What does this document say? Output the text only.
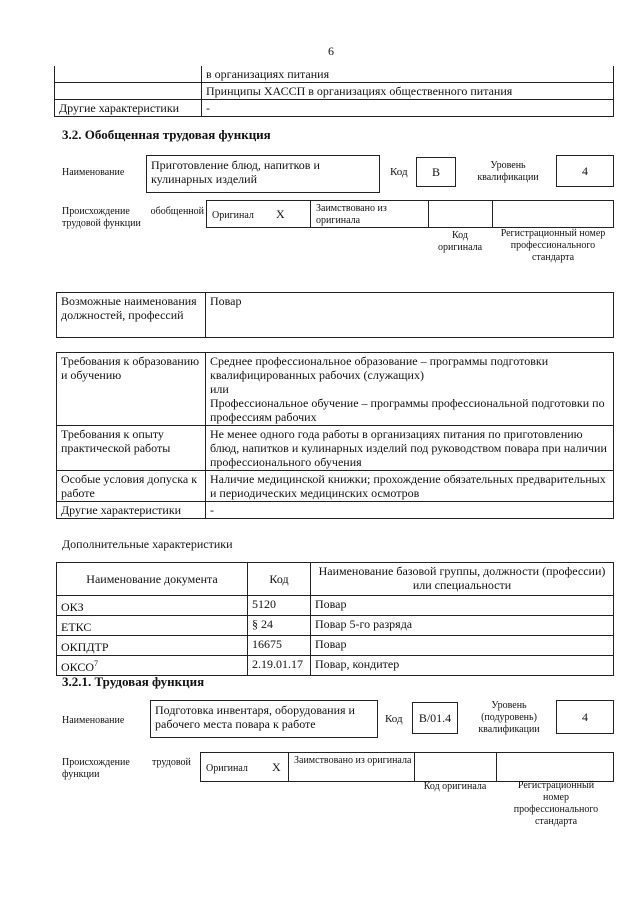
6
	в организациях питания
	Принципы ХАССП в организациях общественного питания
Другие характеристики	-
3.2. Обобщенная трудовая функция
Наименование
Приготовление блюд, напитков и кулинарных изделий	Код В	Уровень квалификации	4
Происхождение обобщенной трудовой функции
Оригинал X	Заимствовано из оригинала
Код оригинала
Регистрационный номер профессионального стандарта
Возможные наименования должностей, профессий	Повар
Требования к образованию и обучению	Среднее профессиональное образование – программы подготовки квалифицированных рабочих (служащих)
или
Профессиональное обучение – программы профессиональной подготовки по профессиям рабочих
Требования к опыту практической работы	Не менее одного года работы в организациях питания по приготовлению блюд, напитков и кулинарных изделий под руководством повара при наличии профессионального обучения
Особые условия допуска к работе	Наличие медицинской книжки; прохождение обязательных предварительных и периодических медицинских осмотров
Другие характеристики	-
Дополнительные характеристики
Наименование документа	Код	Наименование базовой группы, должности (профессии) или специальности
ОКЗ	5120	Повар
ЕТКС	§ 24	Повар 5-го разряда
ОКПДТР	16675	Повар
ОКСО$^7$	2.19.01.17	Повар, кондитер
3.2.1. Трудовая функция
Наименование
Подготовка инвентаря, оборудования и рабочего места повара к работе	Код В/01.4
Уровень (подуровень) квалификации
4
Происхождение трудовой
функции
Оригинал X Заимствовано из оригинала
Код оригинала	Регистрационный номер профессионального стандарта
